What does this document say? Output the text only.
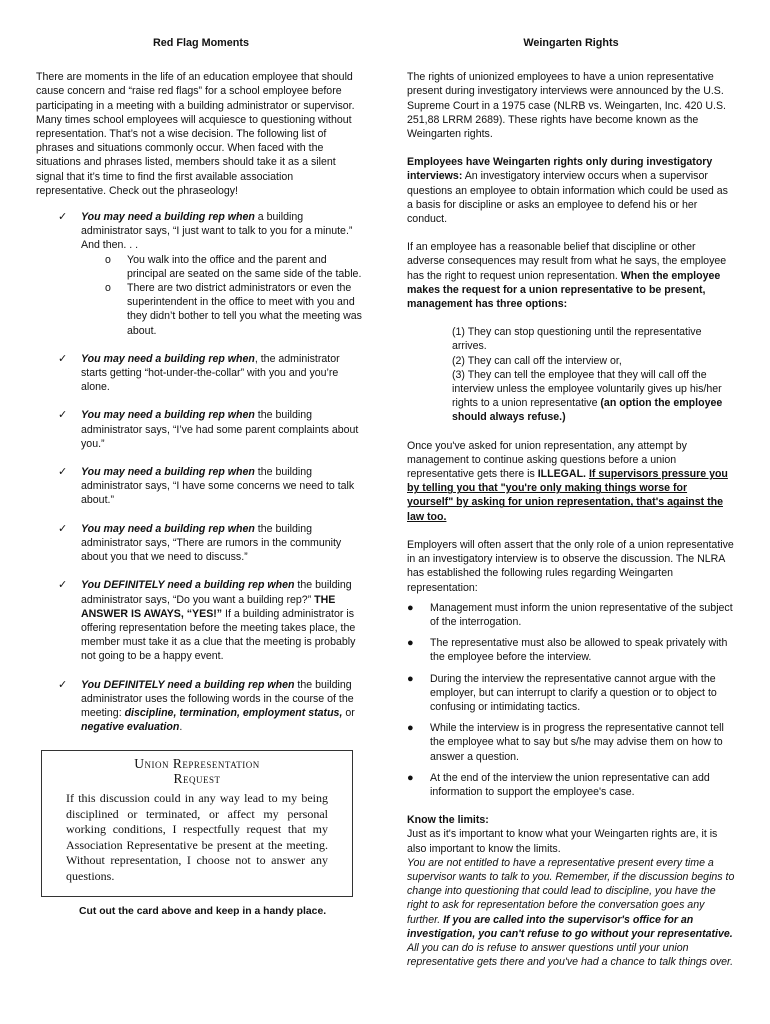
Red Flag Moments

There are moments in the life of an education employee that should cause concern and “raise red flags” for a school employee before participating in a meeting with a building administrator or supervisor. Many times school employees will acquiesce to questioning without representation. That’s not a wise decision. The following list of phrases and situations commonly occur. When faced with the situations and phrases listed, members should take it as a silent signal that it’s time to find the first available association representative. Check out the phraseology!

✓ You may need a building rep when a building administrator says, “I just want to talk to you for a minute.” And then. . .
o You walk into the office and the parent and principal are seated on the same side of the table.
o There are two district administrators or even the superintendent in the office to meet with you and they didn’t bother to tell you what the meeting was about.
✓ You may need a building rep when, the administrator starts getting “hot-under-the-collar” with you and you’re alone.
✓ You may need a building rep when the building administrator says, “I’ve had some parent complaints about you.”
✓ You may need a building rep when the building administrator says, “I have some concerns we need to talk about.”
✓ You may need a building rep when the building administrator says, “There are rumors in the community about you that we need to discuss.”
✓ You DEFINITELY need a building rep when the building administrator says, “Do you want a building rep?” THE ANSWER IS AWAYS, “YES!” If a building administrator is offering representation before the meeting takes place, the member must take it as a clue that the meeting is probably not going to be a happy event.
✓ You DEFINITELY need a building rep when the building administrator uses the following words in the course of the meeting: discipline, termination, employment status, or negative evaluation.
Union Representation
Request
If this discussion could in any way lead to my being disciplined or terminated, or affect my personal working conditions, I respectfully request that my Association Representative be present at the meeting. Without representation, I choose not to answer any questions.
Cut out the card above and keep in a handy place.
Weingarten Rights

The rights of unionized employees to have a union representative present during investigatory interviews were announced by the U.S. Supreme Court in a 1975 case (NLRB vs. Weingarten, Inc. 420 U.S. 251,88 LRRM 2689). These rights have become known as the Weingarten rights.

Employees have Weingarten rights only during investigatory interviews: An investigatory interview occurs when a supervisor questions an employee to obtain information which could be used as a basis for discipline or asks an employee to defend his or her conduct.

If an employee has a reasonable belief that discipline or other adverse consequences may result from what he says, the employee has the right to request union representation. When the employee makes the request for a union representative to be present, management has three options:

(1) They can stop questioning until the representative arrives.
(2) They can call off the interview or,
(3) They can tell the employee that they will call off the interview unless the employee voluntarily gives up his/her rights to a union representative (an option the employee should always refuse.)

Once you've asked for union representation, any attempt by management to continue asking questions before a union representative gets there is ILLEGAL. If supervisors pressure you by telling you that "you're only making things worse for yourself" by asking for union representation, that's against the law too.

Employers will often assert that the only role of a union representative in an investigatory interview is to observe the discussion. The NLRA has established the following rules regarding Weingarten representation:

● Management must inform the union representative of the subject of the interrogation.
● The representative must also be allowed to speak privately with the employee before the interview.
● During the interview the representative cannot argue with the employer, but can interrupt to clarify a question or to object to confusing or intimidating tactics.
● While the interview is in progress the representative cannot tell the employee what to say but s/he may advise them on how to answer a question.
● At the end of the interview the union representative can add information to support the employee's case.

Know the limits:

Just as it's important to know what your Weingarten rights are, it is also important to know the limits.

You are not entitled to have a representative present every time a supervisor wants to talk to you. Remember, if the discussion begins to change into questioning that could lead to discipline, you have the right to ask for representation before the conversation goes any further. If you are called into the supervisor's office for an investigation, you can't refuse to go without your representative. All you can do is refuse to answer questions until your union representative gets there and you've had a chance to talk things over.
